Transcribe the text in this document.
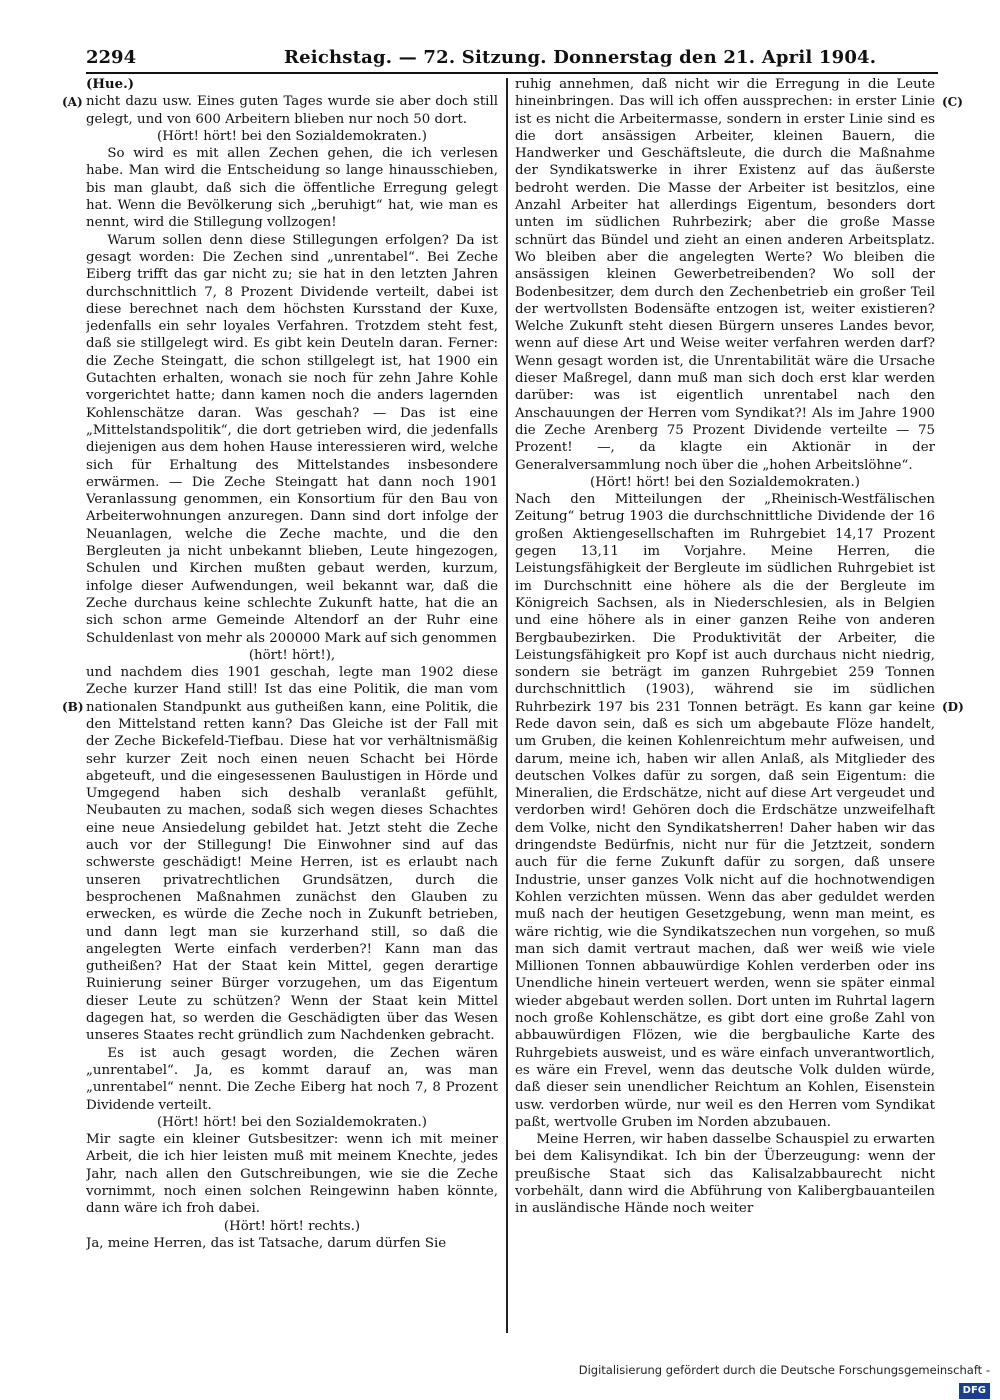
2294	Reichstag. — 72. Sitzung. Donnerstag den 21. April 1904.
(A)
(B)
(C)
(D)

(Hue.)

nicht dazu usw. Eines guten Tages wurde sie aber doch still gelegt, und von 600 Arbeitern blieben nur noch 50 dort.

(Hört! hört! bei den Sozialdemokraten.)

So wird es mit allen Zechen gehen, die ich verlesen habe. Man wird die Entscheidung so lange hinausschieben, bis man glaubt, daß sich die öffentliche Erregung gelegt hat. Wenn die Bevölkerung sich „beruhigt“ hat, wie man es nennt, wird die Stillegung vollzogen!

Warum sollen denn diese Stillegungen erfolgen? Da ist gesagt worden: Die Zechen sind „unrentabel“. Bei Zeche Eiberg trifft das gar nicht zu; sie hat in den letzten Jahren durchschnittlich 7, 8 Prozent Dividende verteilt, dabei ist diese berechnet nach dem höchsten Kursstand der Kuxe, jedenfalls ein sehr loyales Verfahren. Trotzdem steht fest, daß sie stillgelegt wird. Es gibt kein Deuteln daran. Ferner: die Zeche Steingatt, die schon stillgelegt ist, hat 1900 ein Gutachten erhalten, wonach sie noch für zehn Jahre Kohle vorgerichtet hatte; dann kamen noch die anders lagernden Kohlenschätze daran. Was geschah? — Das ist eine „Mittelstandspolitik“, die dort getrieben wird, die jedenfalls diejenigen aus dem hohen Hause interessieren wird, welche sich für Erhaltung des Mittelstandes insbesondere erwärmen. — Die Zeche Steingatt hat dann noch 1901 Veranlassung genommen, ein Konsortium für den Bau von Arbeiterwohnungen anzuregen. Dann sind dort infolge der Neuanlagen, welche die Zeche machte, und die den Bergleuten ja nicht unbekannt blieben, Leute hingezogen, Schulen und Kirchen mußten gebaut werden, kurzum, infolge dieser Aufwendungen, weil bekannt war, daß die Zeche durchaus keine schlechte Zukunft hatte, hat die an sich schon arme Gemeinde Altendorf an der Ruhr eine Schuldenlast von mehr als 200000 Mark auf sich genommen

(hört! hört!),

und nachdem dies 1901 geschah, legte man 1902 diese Zeche kurzer Hand still! Ist das eine Politik, die man vom nationalen Standpunkt aus gutheißen kann, eine Politik, die den Mittelstand retten kann? Das Gleiche ist der Fall mit der Zeche Bickefeld-Tiefbau. Diese hat vor verhältnismäßig sehr kurzer Zeit noch einen neuen Schacht bei Hörde abgeteuft, und die eingesessenen Baulustigen in Hörde und Umgegend haben sich deshalb veranlaßt gefühlt, Neubauten zu machen, sodaß sich wegen dieses Schachtes eine neue Ansiedelung gebildet hat. Jetzt steht die Zeche auch vor der Stillegung! Die Einwohner sind auf das schwerste geschädigt! Meine Herren, ist es erlaubt nach unseren privatrechtlichen Grundsätzen, durch die besprochenen Maßnahmen zunächst den Glauben zu erwecken, es würde die Zeche noch in Zukunft betrieben, und dann legt man sie kurzerhand still, so daß die angelegten Werte einfach verderben?! Kann man das gutheißen? Hat der Staat kein Mittel, gegen derartige Ruinierung seiner Bürger vorzugehen, um das Eigentum dieser Leute zu schützen? Wenn der Staat kein Mittel dagegen hat, so werden die Geschädigten über das Wesen unseres Staates recht gründlich zum Nachdenken gebracht.

Es ist auch gesagt worden, die Zechen wären „unrentabel“. Ja, es kommt darauf an, was man „unrentabel“ nennt. Die Zeche Eiberg hat noch 7, 8 Prozent Dividende verteilt.

(Hört! hört! bei den Sozialdemokraten.)

Mir sagte ein kleiner Gutsbesitzer: wenn ich mit meiner Arbeit, die ich hier leisten muß mit meinem Knechte, jedes Jahr, nach allen den Gutschreibungen, wie sie die Zeche vornimmt, noch einen solchen Reingewinn haben könnte, dann wäre ich froh dabei.

(Hört! hört! rechts.)

Ja, meine Herren, das ist Tatsache, darum dürfen Sie

ruhig annehmen, daß nicht wir die Erregung in die Leute hineinbringen. Das will ich offen aussprechen: in erster Linie ist es nicht die Arbeitermasse, sondern in erster Linie sind es die dort ansässigen Arbeiter, kleinen Bauern, die Handwerker und Geschäftsleute, die durch die Maßnahme der Syndikatswerke in ihrer Existenz auf das äußerste bedroht werden. Die Masse der Arbeiter ist besitzlos, eine Anzahl Arbeiter hat allerdings Eigentum, besonders dort unten im südlichen Ruhrbezirk; aber die große Masse schnürt das Bündel und zieht an einen anderen Arbeitsplatz. Wo bleiben aber die angelegten Werte? Wo bleiben die ansässigen kleinen Gewerbetreibenden? Wo soll der Bodenbesitzer, dem durch den Zechenbetrieb ein großer Teil der wertvollsten Bodensäfte entzogen ist, weiter existieren? Welche Zukunft steht diesen Bürgern unseres Landes bevor, wenn auf diese Art und Weise weiter verfahren werden darf? Wenn gesagt worden ist, die Unrentabilität wäre die Ursache dieser Maßregel, dann muß man sich doch erst klar werden darüber: was ist eigentlich unrentabel nach den Anschauungen der Herren vom Syndikat?! Als im Jahre 1900 die Zeche Arenberg 75 Prozent Dividende verteilte — 75 Prozent! —, da klagte ein Aktionär in der Generalversammlung noch über die „hohen Arbeitslöhne“.

(Hört! hört! bei den Sozialdemokraten.)

Nach den Mitteilungen der „Rheinisch-Westfälischen Zeitung“ betrug 1903 die durchschnittliche Dividende der 16 großen Aktiengesellschaften im Ruhrgebiet 14,17 Prozent gegen 13,11 im Vorjahre. Meine Herren, die Leistungsfähigkeit der Bergleute im südlichen Ruhrgebiet ist im Durchschnitt eine höhere als die der Bergleute im Königreich Sachsen, als in Niederschlesien, als in Belgien und eine höhere als in einer ganzen Reihe von anderen Bergbaubezirken. Die Produktivität der Arbeiter, die Leistungsfähigkeit pro Kopf ist auch durchaus nicht niedrig, sondern sie beträgt im ganzen Ruhrgebiet 259 Tonnen durchschnittlich (1903), während sie im südlichen Ruhrbezirk 197 bis 231 Tonnen beträgt. Es kann gar keine Rede davon sein, daß es sich um abgebaute Flöze handelt, um Gruben, die keinen Kohlenreichtum mehr aufweisen, und darum, meine ich, haben wir allen Anlaß, als Mitglieder des deutschen Volkes dafür zu sorgen, daß sein Eigentum: die Mineralien, die Erdschätze, nicht auf diese Art vergeudet und verdorben wird! Gehören doch die Erdschätze unzweifelhaft dem Volke, nicht den Syndikatsherren! Daher haben wir das dringendste Bedürfnis, nicht nur für die Jetztzeit, sondern auch für die ferne Zukunft dafür zu sorgen, daß unsere Industrie, unser ganzes Volk nicht auf die hochnotwendigen Kohlen verzichten müssen. Wenn das aber geduldet werden muß nach der heutigen Gesetzgebung, wenn man meint, es wäre richtig, wie die Syndikatszechen nun vorgehen, so muß man sich damit vertraut machen, daß wer weiß wie viele Millionen Tonnen abbauwürdige Kohlen verderben oder ins Unendliche hinein verteuert werden, wenn sie später einmal wieder abgebaut werden sollen. Dort unten im Ruhrtal lagern noch große Kohlenschätze, es gibt dort eine große Zahl von abbauwürdigen Flözen, wie die bergbauliche Karte des Ruhrgebiets ausweist, und es wäre einfach unverantwortlich, es wäre ein Frevel, wenn das deutsche Volk dulden würde, daß dieser sein unendlicher Reichtum an Kohlen, Eisenstein usw. verdorben würde, nur weil es den Herren vom Syndikat paßt, wertvolle Gruben im Norden abzubauen.

Meine Herren, wir haben dasselbe Schauspiel zu erwarten bei dem Kalisyndikat. Ich bin der Überzeugung: wenn der preußische Staat sich das Kalisalzabbaurecht nicht vorbehält, dann wird die Abführung von Kalibergbauanteilen in ausländische Hände noch weiter

Digitalisierung gefördert durch die Deutsche Forschungsgemeinschaft - DFG
